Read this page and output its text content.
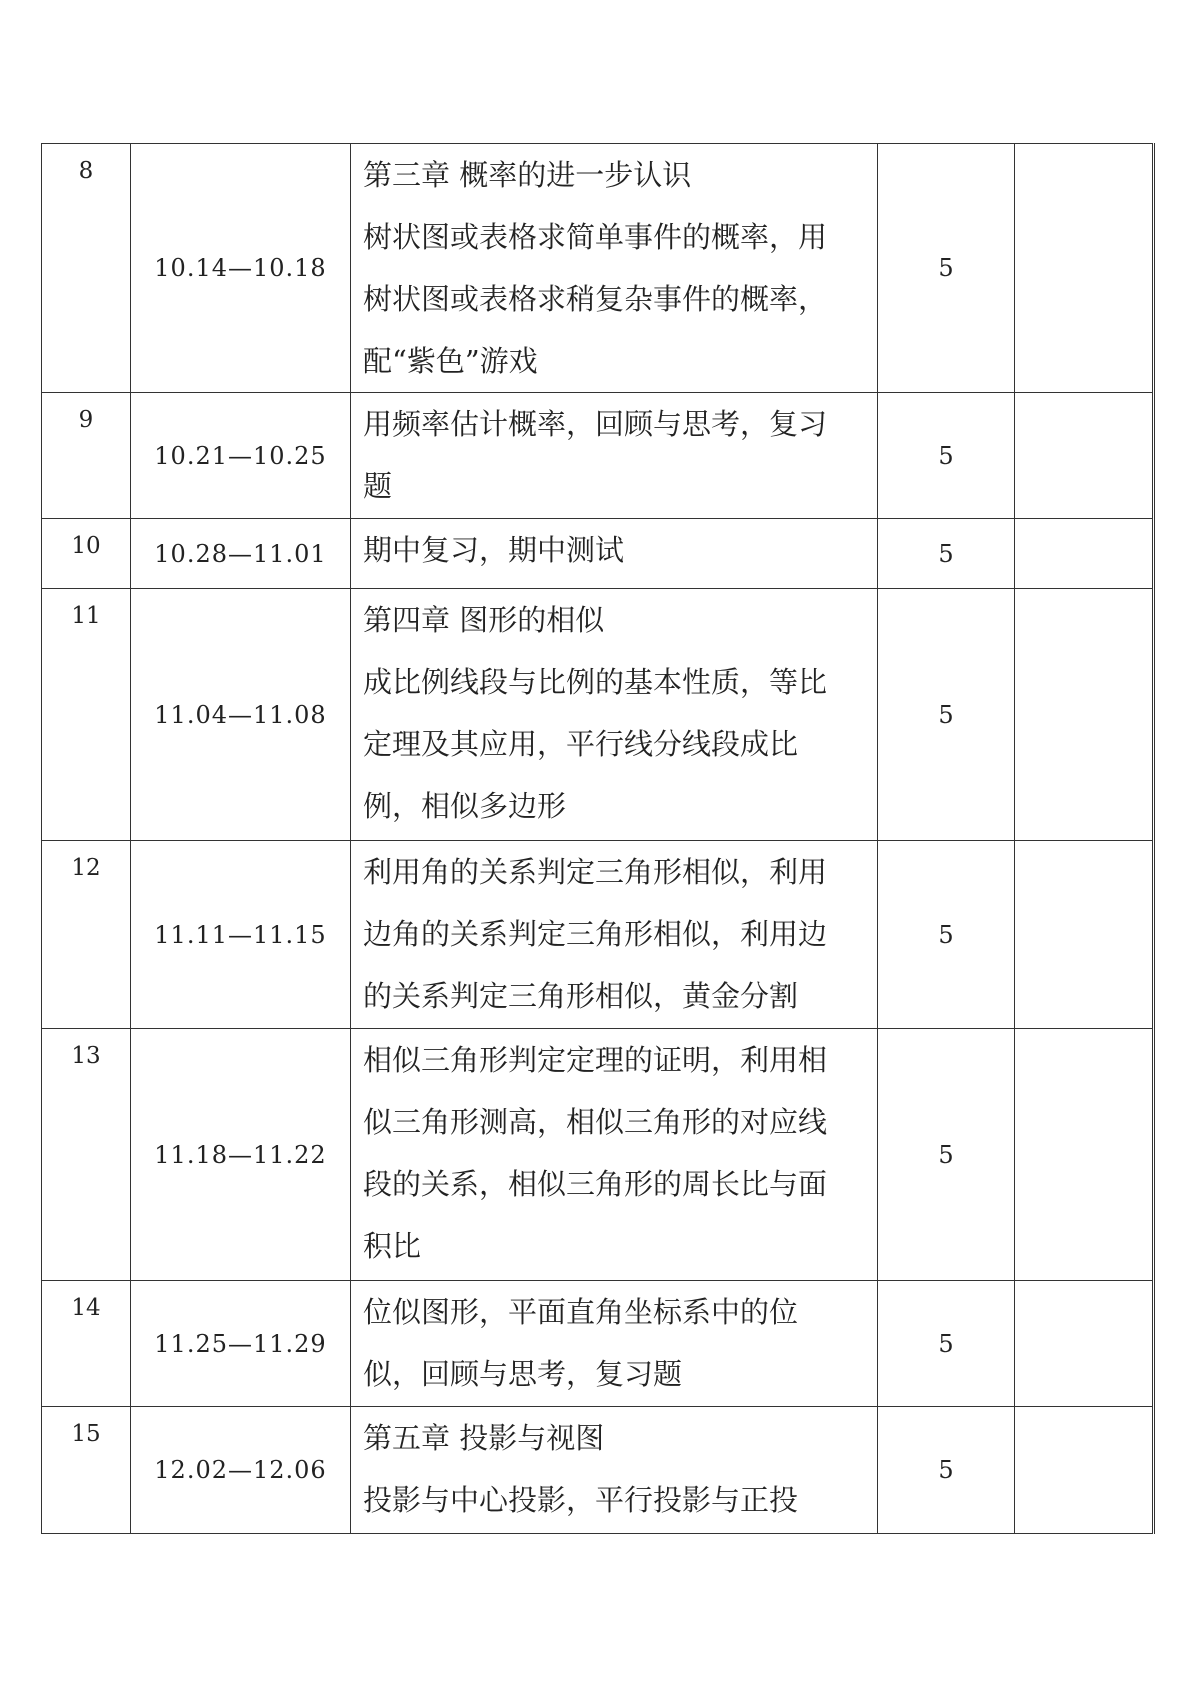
8	10.14—10.18	第三章 概率的进一步认识
树状图或表格求简单事件的概率，用
树状图或表格求稍复杂事件的概率，
配“紫色”游戏	5	
9	10.21—10.25	用频率估计概率，回顾与思考，复习
题	5	
10	10.28—11.01	期中复习，期中测试	5	
11	11.04—11.08	第四章 图形的相似
成比例线段与比例的基本性质，等比
定理及其应用，平行线分线段成比
例，相似多边形	5	
12	11.11—11.15	利用角的关系判定三角形相似，利用
边角的关系判定三角形相似，利用边
的关系判定三角形相似，黄金分割	5	
13	11.18—11.22	相似三角形判定定理的证明，利用相
似三角形测高，相似三角形的对应线
段的关系，相似三角形的周长比与面
积比	5	
14	11.25—11.29	位似图形，平面直角坐标系中的位
似，回顾与思考，复习题	5	
15	12.02—12.06	第五章 投影与视图
投影与中心投影，平行投影与正投	5	
